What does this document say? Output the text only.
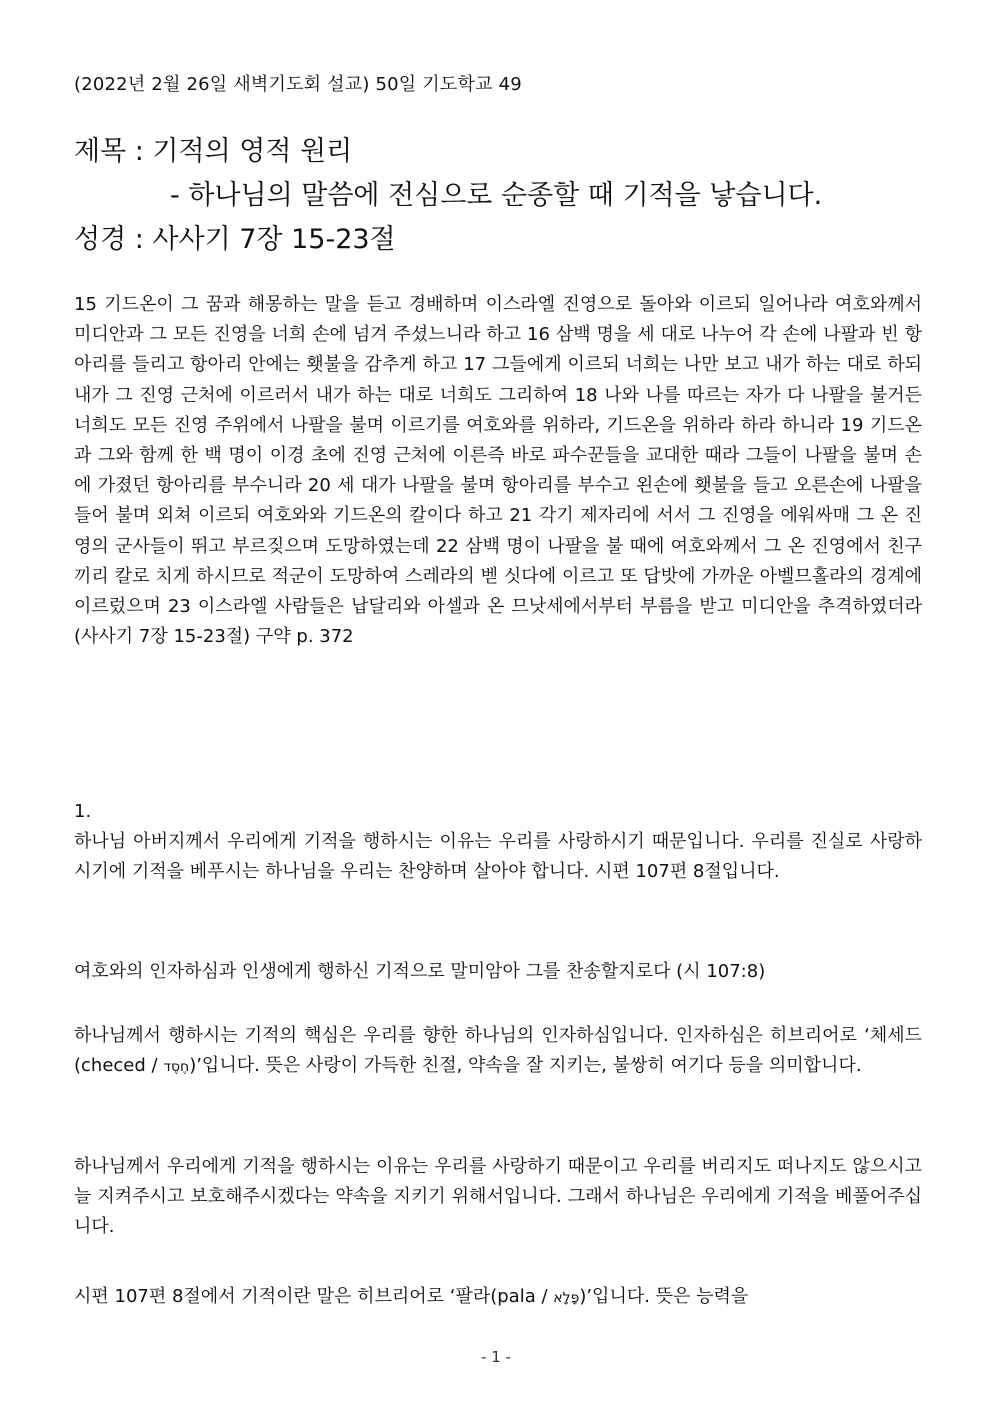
(2022년 2월 26일 새벽기도회 설교) 50일 기도학교 49
제목 : 기적의 영적 원리
- 하나님의 말씀에 전심으로 순종할 때 기적을 낳습니다.
성경 : 사사기 7장 15-23절
15 기드온이 그 꿈과 해몽하는 말을 듣고 경배하며 이스라엘 진영으로 돌아와 이르되 일어나라 여호와께서 미디안과 그 모든 진영을 너희 손에 넘겨 주셨느니라 하고 16 삼백 명을 세 대로 나누어 각 손에 나팔과 빈 항아리를 들리고 항아리 안에는 횃불을 감추게 하고 17 그들에게 이르되 너희는 나만 보고 내가 하는 대로 하되 내가 그 진영 근처에 이르러서 내가 하는 대로 너희도 그리하여 18 나와 나를 따르는 자가 다 나팔을 불거든 너희도 모든 진영 주위에서 나팔을 불며 이르기를 여호와를 위하라, 기드온을 위하라 하라 하니라 19 기드온과 그와 함께 한 백 명이 이경 초에 진영 근처에 이른즉 바로 파수꾼들을 교대한 때라 그들이 나팔을 불며 손에 가졌던 항아리를 부수니라 20 세 대가 나팔을 불며 항아리를 부수고 왼손에 횃불을 들고 오른손에 나팔을 들어 불며 외쳐 이르되 여호와와 기드온의 칼이다 하고 21 각기 제자리에 서서 그 진영을 에워싸매 그 온 진영의 군사들이 뛰고 부르짖으며 도망하였는데 22 삼백 명이 나팔을 불 때에 여호와께서 그 온 진영에서 친구끼리 칼로 치게 하시므로 적군이 도망하여 스레라의 벧 싯다에 이르고 또 답밧에 가까운 아벨므홀라의 경계에 이르렀으며 23 이스라엘 사람들은 납달리와 아셀과 온 므낫세에서부터 부름을 받고 미디안을 추격하였더라 (사사기 7장 15-23절) 구약 p. 372
1.
하나님 아버지께서 우리에게 기적을 행하시는 이유는 우리를 사랑하시기 때문입니다. 우리를 진실로 사랑하시기에 기적을 베푸시는 하나님을 우리는 찬양하며 살아야 합니다. 시편 107편 8절입니다.
여호와의 인자하심과 인생에게 행하신 기적으로 말미암아 그를 찬송할지로다 (시 107:8)
하나님께서 행하시는 기적의 핵심은 우리를 향한 하나님의 인자하심입니다. 인자하심은 히브리어로 ‘체세드(checed / חֶסֶד)’입니다. 뜻은 사랑이 가득한 친절, 약속을 잘 지키는, 불쌍히 여기다 등을 의미합니다.
하나님께서 우리에게 기적을 행하시는 이유는 우리를 사랑하기 때문이고 우리를 버리지도 떠나지도 않으시고 늘 지켜주시고 보호해주시겠다는 약속을 지키기 위해서입니다. 그래서 하나님은 우리에게 기적을 베풀어주십니다.
시편 107편 8절에서 기적이란 말은 히브리어로 ‘팔라(pala / פָּלָא)’입니다. 뜻은 능력을
- 1 -
